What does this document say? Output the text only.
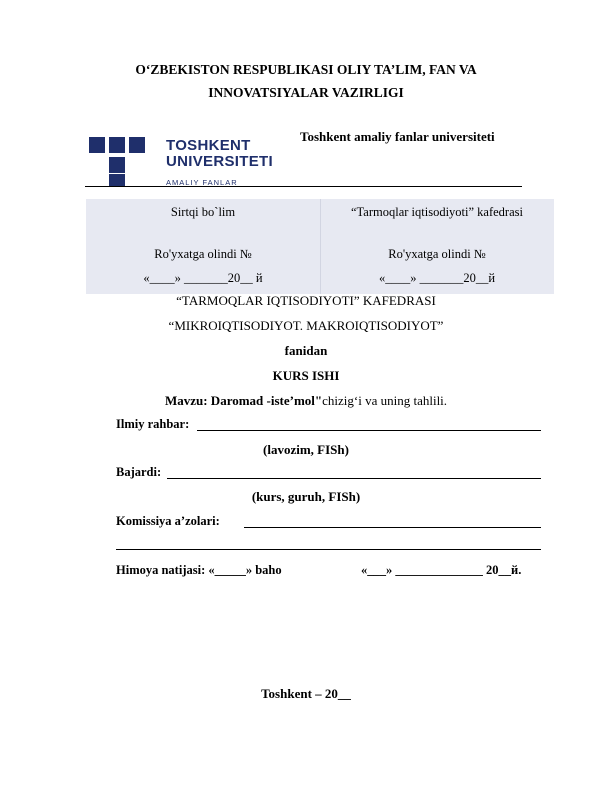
O‘ZBEKISTON RESPUBLIKASI OLIY TA’LIM, FAN VA
INNOVATSIYALAR VAZIRLIGI
TOSHKENT
UNIVERSITETI
AMALIY FANLAR
Toshkent amaliy fanlar universiteti
Sirtqi bo`lim	“Tarmoqlar iqtisodiyoti” kafedrasi
Ro'yxatga olindi №	Ro'yxatga olindi №
«____» _______20__ й	«____» _______20__й
“TARMOQLAR IQTISODIYOTI” KAFEDRASI
“MIKROIQTISODIYOT. MAKROIQTISODIYOT”
fanidan
KURS ISHI
Mavzu: Daromad -iste’mol"chizig‘i va uning tahlili.
Ilmiy rahbar:
(lavozim, FISh)
Bajardi:
(kurs, guruh, FISh)
Komissiya a’zolari:
Himoya natijasi: «_____» baho	«___» ______________ 20__й.
Toshkent – 20__
